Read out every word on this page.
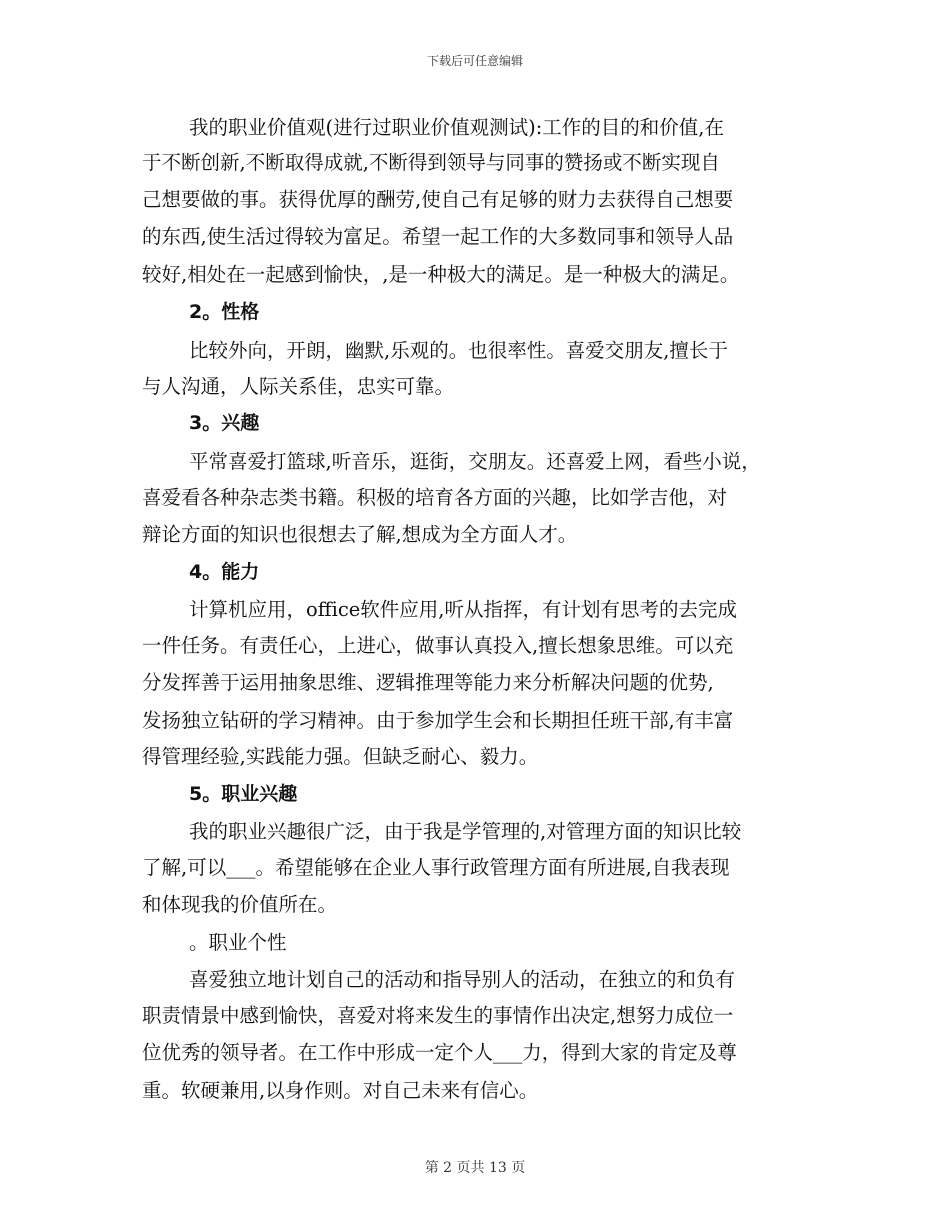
下载后可任意编辑
我的职业价值观(进行过职业价值观测试):工作的目的和价值,在
于不断创新,不断取得成就,不断得到领导与同事的赞扬或不断实现自
己想要做的事。获得优厚的酬劳,使自己有足够的财力去获得自己想要
的东西,使生活过得较为富足。希望一起工作的大多数同事和领导人品
较好,相处在一起感到愉快，,是一种极大的满足。是一种极大的满足。
2。性格
比较外向，开朗，幽默,乐观的。也很率性。喜爱交朋友,擅长于
与人沟通，人际关系佳，忠实可靠。
3。兴趣
平常喜爱打篮球,听音乐，逛街，交朋友。还喜爱上网，看些小说，
喜爱看各种杂志类书籍。积极的培育各方面的兴趣，比如学吉他，对
辩论方面的知识也很想去了解,想成为全方面人才。
4。能力
计算机应用，office软件应用,听从指挥，有计划有思考的去完成
一件任务。有责任心，上进心，做事认真投入,擅长想象思维。可以充
分发挥善于运用抽象思维、逻辑推理等能力来分析解决问题的优势,
发扬独立钻研的学习精神。由于参加学生会和长期担任班干部,有丰富
得管理经验,实践能力强。但缺乏耐心、毅力。
5。职业兴趣
我的职业兴趣很广泛，由于我是学管理的,对管理方面的知识比较
了解,可以___。希望能够在企业人事行政管理方面有所进展,自我表现
和体现我的价值所在。
。职业个性
喜爱独立地计划自己的活动和指导别人的活动，在独立的和负有
职责情景中感到愉快，喜爱对将来发生的事情作出决定,想努力成位一
位优秀的领导者。在工作中形成一定个人___力，得到大家的肯定及尊
重。软硬兼用,以身作则。对自己未来有信心。
第 2 页共 13 页
